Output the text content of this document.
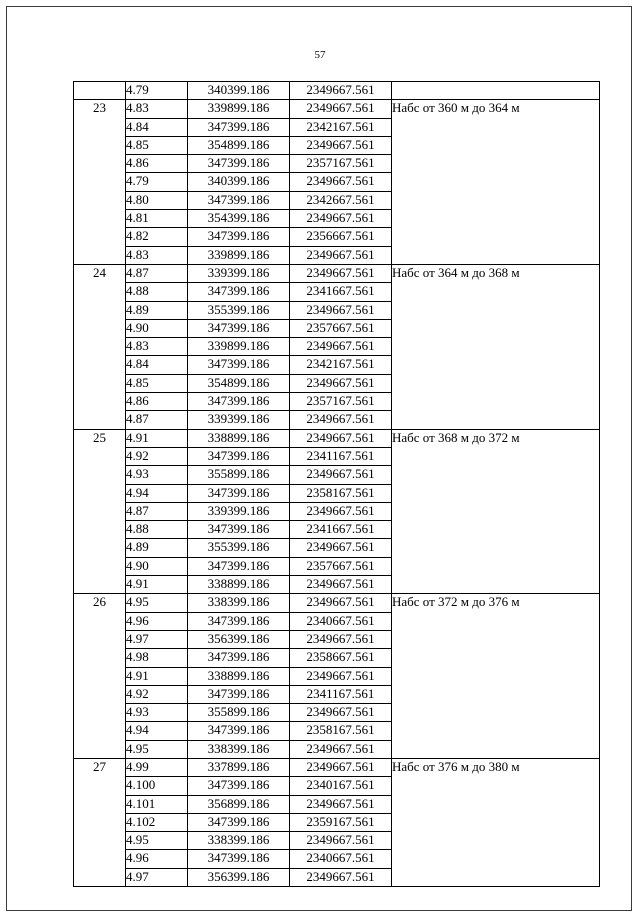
57
	4.79	340399.186	2349667.561	
23	4.83	339899.186	2349667.561	Набс от 360 м до 364 м
	4.84	347399.186	2342167.561	
	4.85	354899.186	2349667.561	
	4.86	347399.186	2357167.561	
	4.79	340399.186	2349667.561	
	4.80	347399.186	2342667.561	
	4.81	354399.186	2349667.561	
	4.82	347399.186	2356667.561	
	4.83	339899.186	2349667.561	
24	4.87	339399.186	2349667.561	Набс от 364 м до 368 м
	4.88	347399.186	2341667.561	
	4.89	355399.186	2349667.561	
	4.90	347399.186	2357667.561	
	4.83	339899.186	2349667.561	
	4.84	347399.186	2342167.561	
	4.85	354899.186	2349667.561	
	4.86	347399.186	2357167.561	
	4.87	339399.186	2349667.561	
25	4.91	338899.186	2349667.561	Набс от 368 м до 372 м
	4.92	347399.186	2341167.561	
	4.93	355899.186	2349667.561	
	4.94	347399.186	2358167.561	
	4.87	339399.186	2349667.561	
	4.88	347399.186	2341667.561	
	4.89	355399.186	2349667.561	
	4.90	347399.186	2357667.561	
	4.91	338899.186	2349667.561	
26	4.95	338399.186	2349667.561	Набс от 372 м до 376 м
	4.96	347399.186	2340667.561	
	4.97	356399.186	2349667.561	
	4.98	347399.186	2358667.561	
	4.91	338899.186	2349667.561	
	4.92	347399.186	2341167.561	
	4.93	355899.186	2349667.561	
	4.94	347399.186	2358167.561	
	4.95	338399.186	2349667.561	
27	4.99	337899.186	2349667.561	Набс от 376 м до 380 м
	4.100	347399.186	2340167.561	
	4.101	356899.186	2349667.561	
	4.102	347399.186	2359167.561	
	4.95	338399.186	2349667.561	
	4.96	347399.186	2340667.561	
	4.97	356399.186	2349667.561	
